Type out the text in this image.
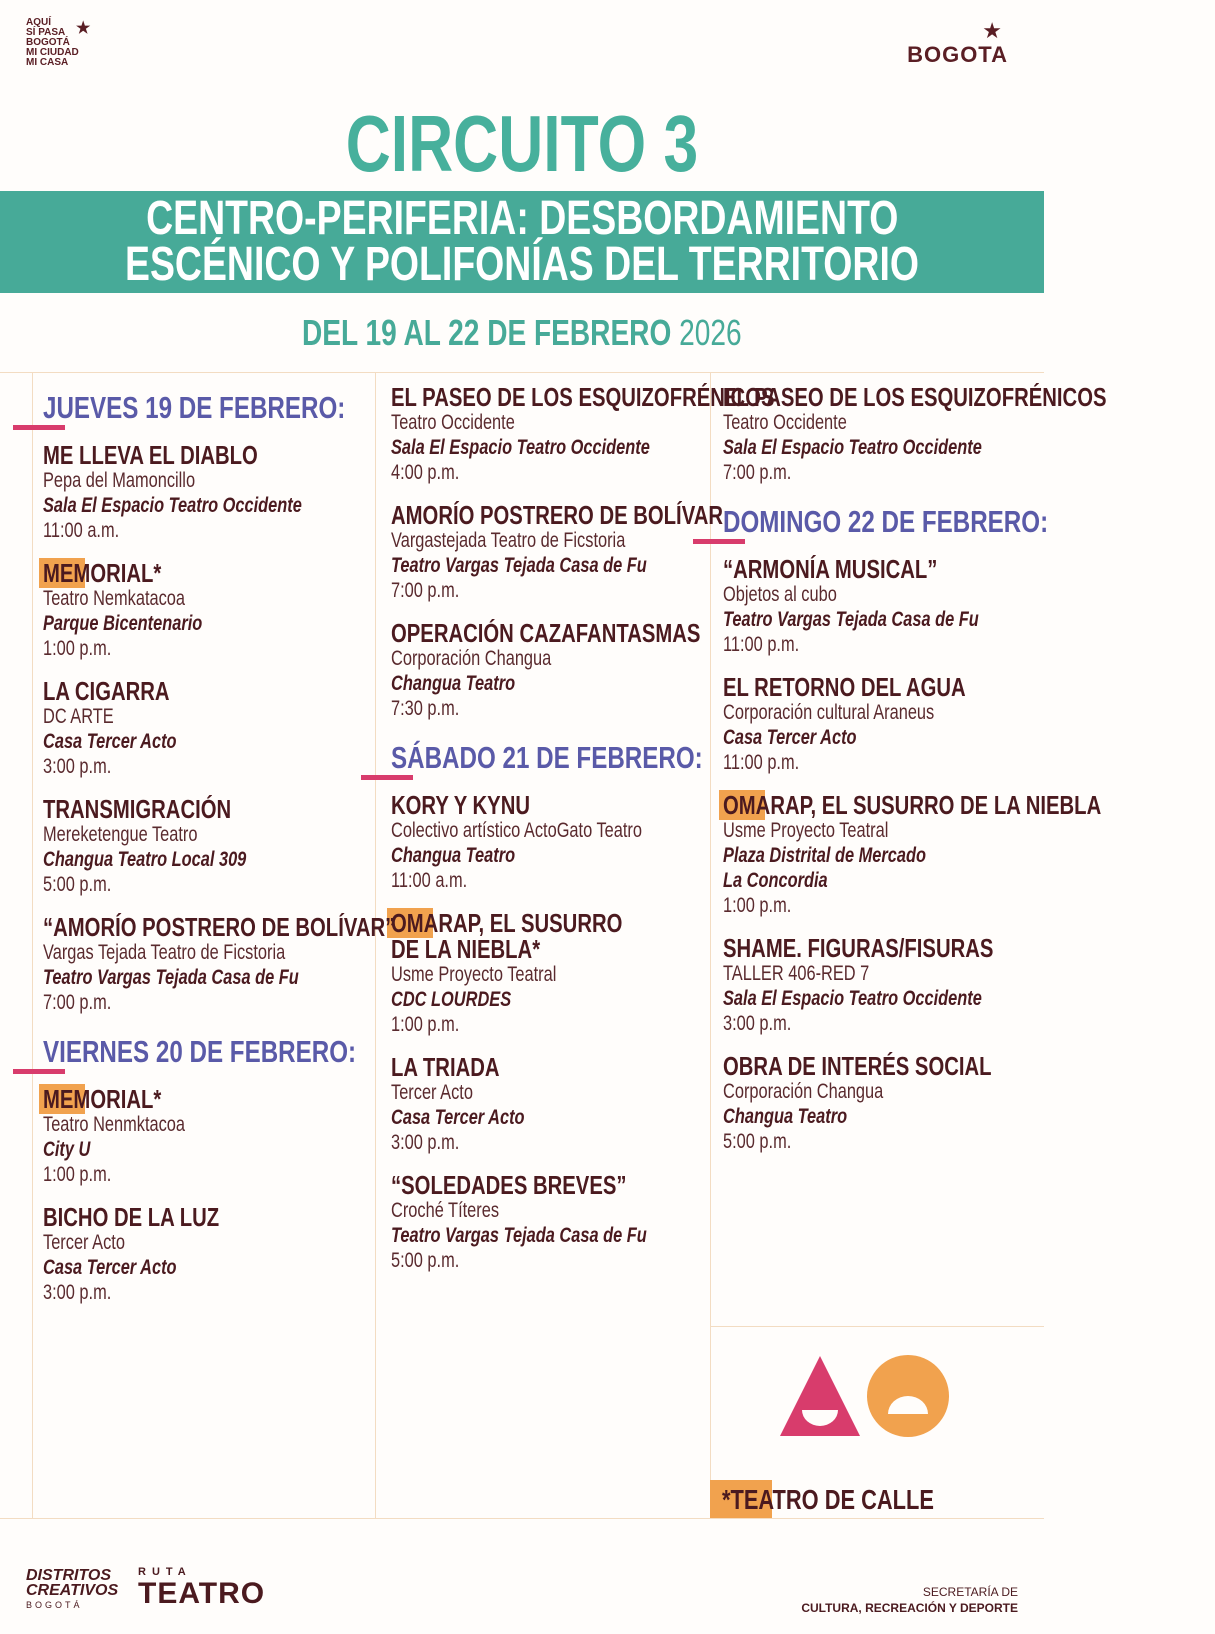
AQUÍ
SÍ PASA
BOGOTÁ
MI CIUDAD
MI CASA
★	★
BOGOTA
CIRCUITO 3
CENTRO-PERIFERIA: DESBORDAMIENTO
ESCÉNICO Y POLIFONÍAS DEL TERRITORIO
DEL 19 AL 22 DE FEBRERO 2026
JUEVES 19 DE FEBRERO:
ME LLEVA EL DIABLO
Pepa del Mamoncillo
Sala El Espacio Teatro Occidente
11:00 a.m.
MEMORIAL*
Teatro Nemkatacoa
Parque Bicentenario
1:00 p.m.
LA CIGARRA
DC ARTE
Casa Tercer Acto
3:00 p.m.
TRANSMIGRACIÓN
Mereketengue Teatro
Changua Teatro Local 309
5:00 p.m.
“AMORÍO POSTRERO DE BOLÍVAR”
Vargas Tejada Teatro de Ficstoria
Teatro Vargas Tejada Casa de Fu
7:00 p.m.
VIERNES 20 DE FEBRERO:
MEMORIAL*
Teatro Nenmktacoa
City U
1:00 p.m.
BICHO DE LA LUZ
Tercer Acto
Casa Tercer Acto
3:00 p.m.
EL PASEO DE LOS ESQUIZOFRÉNICOS
Teatro Occidente
Sala El Espacio Teatro Occidente
4:00 p.m.
AMORÍO POSTRERO DE BOLÍVAR
Vargastejada Teatro de Ficstoria
Teatro Vargas Tejada Casa de Fu
7:00 p.m.
OPERACIÓN CAZAFANTASMAS
Corporación Changua
Changua Teatro
7:30 p.m.
SÁBADO 21 DE FEBRERO:
KORY Y KYNU
Colectivo artístico ActoGato Teatro
Changua Teatro
11:00 a.m.
OMARAP, EL SUSURRO
DE LA NIEBLA*
Usme Proyecto Teatral
CDC LOURDES
1:00 p.m.
LA TRIADA
Tercer Acto
Casa Tercer Acto
3:00 p.m.
“SOLEDADES BREVES”
Croché Títeres
Teatro Vargas Tejada Casa de Fu
5:00 p.m.
EL PASEO DE LOS ESQUIZOFRÉNICOS
Teatro Occidente
Sala El Espacio Teatro Occidente
7:00 p.m.
DOMINGO 22 DE FEBRERO:
“ARMONÍA MUSICAL”
Objetos al cubo
Teatro Vargas Tejada Casa de Fu
11:00 p.m.
EL RETORNO DEL AGUA
Corporación cultural Araneus
Casa Tercer Acto
11:00 p.m.
OMARAP, EL SUSURRO DE LA NIEBLA
Usme Proyecto Teatral
Plaza Distrital de Mercado
La Concordia
1:00 p.m.
SHAME. FIGURAS/FISURAS
TALLER 406-RED 7
Sala El Espacio Teatro Occidente
3:00 p.m.
OBRA DE INTERÉS SOCIAL
Corporación Changua
Changua Teatro
5:00 p.m.
*TEATRO DE CALLE
DISTRITOS
CREATIVOS
BOGOTÁ
RUTA
TEATRO	SECRETARÍA DE
CULTURA, RECREACIÓN Y DEPORTE
